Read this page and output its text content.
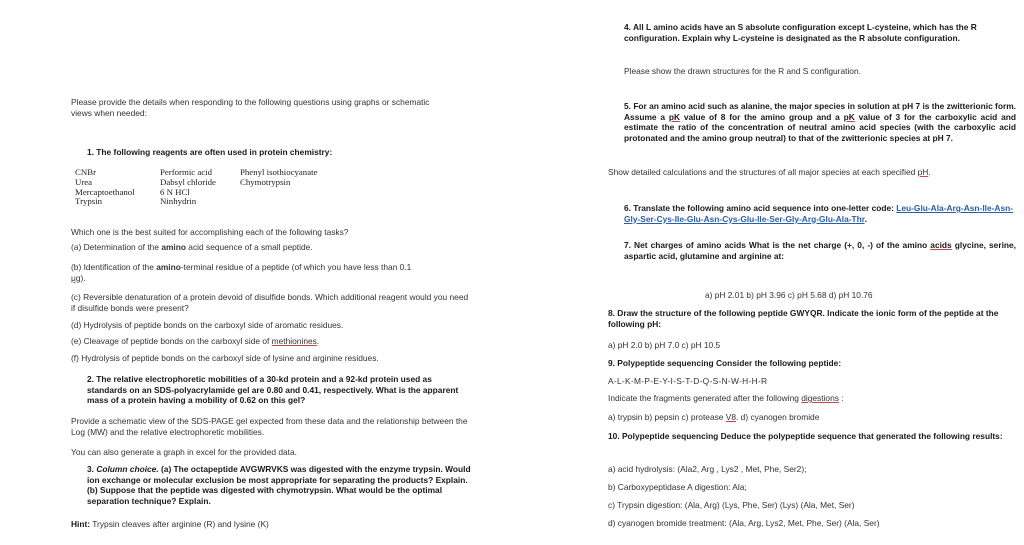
Please provide the details when responding to the following questions using graphs or schematic views when needed:
1. The following reagents are often used in protein chemistry:
CNBr
Urea
Mercaptoethanol
Trypsin
Performic acid
Dabsyl chloride
6 N HCl
Ninhydrin
Phenyl isothiocyanate
Chymotrypsin
Which one is the best suited for accomplishing each of the following tasks?
(a) Determination of the amino acid sequence of a small peptide.
(b) Identification of the amino-terminal residue of a peptide (of which you have less than 0.1
μg).
(c) Reversible denaturation of a protein devoid of disulfide bonds. Which additional reagent would you need if disulfide bonds were present?
(d) Hydrolysis of peptide bonds on the carboxyl side of aromatic residues.
(e) Cleavage of peptide bonds on the carboxyl side of methionines.
(f) Hydrolysis of peptide bonds on the carboxyl side of lysine and arginine residues.
2. The relative electrophoretic mobilities of a 30-kd protein and a 92-kd protein used as standards on an SDS-polyacrylamide gel are 0.80 and 0.41, respectively. What is the apparent mass of a protein having a mobility of 0.62 on this gel?
Provide a schematic view of the SDS-PAGE gel expected from these data and the relationship between the Log (MW) and the relative electrophoretic mobilities.
You can also generate a graph in excel for the provided data.
3. Column choice. (a) The octapeptide AVGWRVKS was digested with the enzyme trypsin. Would ion exchange or molecular exclusion be most appropriate for separating the products? Explain. (b) Suppose that the peptide was digested with chymotrypsin. What would be the optimal separation technique? Explain.
Hint: Trypsin cleaves after arginine (R) and lysine (K)
4. All L amino acids have an S absolute configuration except L-cysteine, which has the R configuration. Explain why L-cysteine is designated as the R absolute configuration.
Please show the drawn structures for the R and S configuration.
5. For an amino acid such as alanine, the major species in solution at pH 7 is the zwitterionic form. Assume a pK value of 8 for the amino group and a pK value of 3 for the carboxylic acid and estimate the ratio of the concentration of neutral amino acid species (with the carboxylic acid protonated and the amino group neutral) to that of the zwitterionic species at pH 7.
Show detailed calculations and the structures of all major species at each specified pH.
6. Translate the following amino acid sequence into one-letter code: Leu-Glu-Ala-Arg-Asn-Ile-Asn-Gly-Ser-Cys-Ile-Glu-Asn-Cys-Glu-Ile-Ser-Gly-Arg-Glu-Ala-Thr.
7. Net charges of amino acids What is the net charge (+, 0, -) of the amino acids glycine, serine, aspartic acid, glutamine and arginine at:
a) pH 2.01 b) pH 3.96 c) pH 5.68 d) pH 10.76
8. Draw the structure of the following peptide GWYQR. Indicate the ionic form of the peptide at the following pH:
a) pH 2.0 b) pH 7.0 c) pH 10.5
9. Polypeptide sequencing Consider the following peptide:
A-L-K-M-P-E-Y-I-S-T-D-Q-S-N-W-H-H-R
Indicate the fragments generated after the following digestions :
a) trypsin b) pepsin c) protease V8. d) cyanogen bromide
10. Polypeptide sequencing Deduce the polypeptide sequence that generated the following results:
a) acid hydrolysis: (Ala2, Arg , Lys2 , Met, Phe, Ser2);
b) Carboxypeptidase A digestion: Ala;
c) Trypsin digestion: (Ala, Arg) (Lys, Phe, Ser) (Lys) (Ala, Met, Ser)
d) cyanogen bromide treatment: (Ala, Arg, Lys2, Met, Phe, Ser) (Ala, Ser)
